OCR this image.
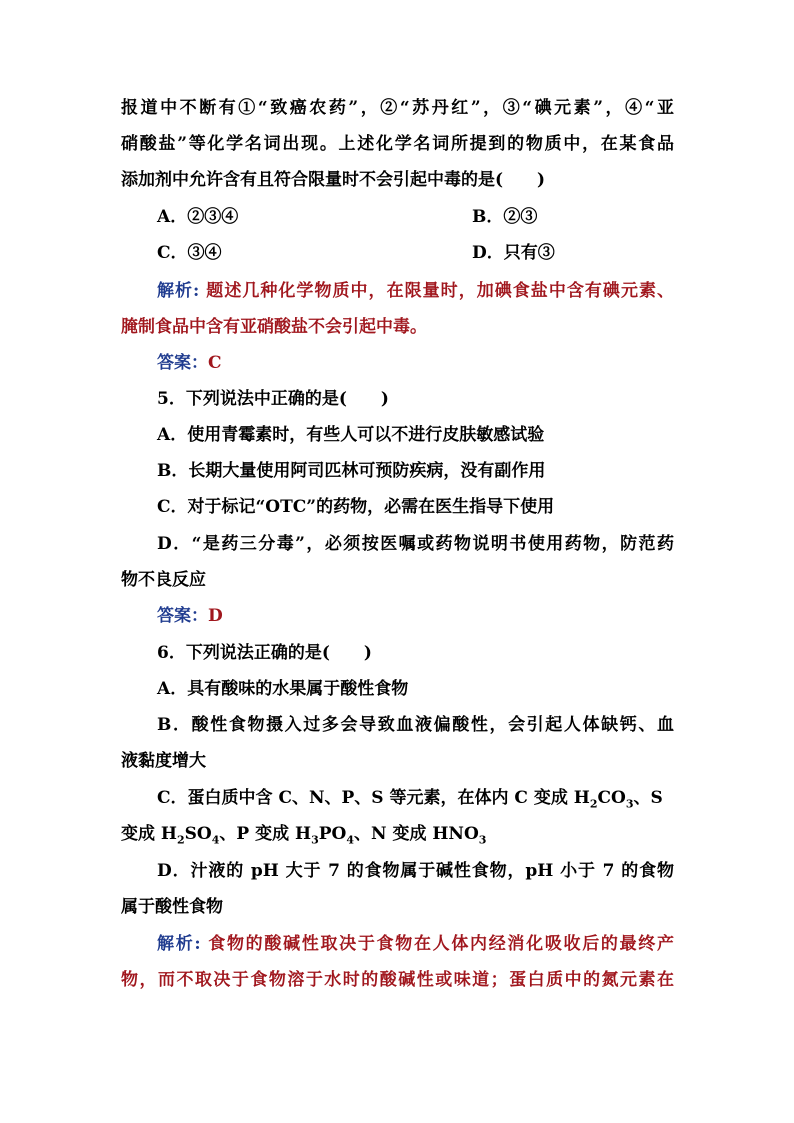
报道中不断有①“致癌农药”，②“苏丹红”，③“碘元素”，④“亚
硝酸盐”等化学名词出现。上述化学名词所提到的物质中，在某食品
添加剂中允许含有且符合限量时不会引起中毒的是(　　)
A．②③④	B．②③
C．③④	D．只有③
解析: 题述几种化学物质中，在限量时，加碘食盐中含有碘元素、
腌制食品中含有亚硝酸盐不会引起中毒。
答案：C
5．下列说法中正确的是(　　)
A．使用青霉素时，有些人可以不进行皮肤敏感试验
B．长期大量使用阿司匹林可预防疾病，没有副作用
C．对于标记“OTC”的药物，必需在医生指导下使用
D．“是药三分毒”，必须按医嘱或药物说明书使用药物，防范药
物不良反应
答案：D
6．下列说法正确的是(　　)
A．具有酸味的水果属于酸性食物
B．酸性食物摄入过多会导致血液偏酸性，会引起人体缺钙、血
液黏度增大
C．蛋白质中含 C、N、P、S 等元素，在体内 C 变成 $H_2CO_3$、S
变成 $H_2SO_4$、P 变成 $H_3PO_4$、N 变成 $HNO_3$
D．汁液的 pH 大于 7 的食物属于碱性食物，pH 小于 7 的食物
属于酸性食物
解析: 食物的酸碱性取决于食物在人体内经消化吸收后的最终产
物，而不取决于食物溶于水时的酸碱性或味道；蛋白质中的氮元素在
